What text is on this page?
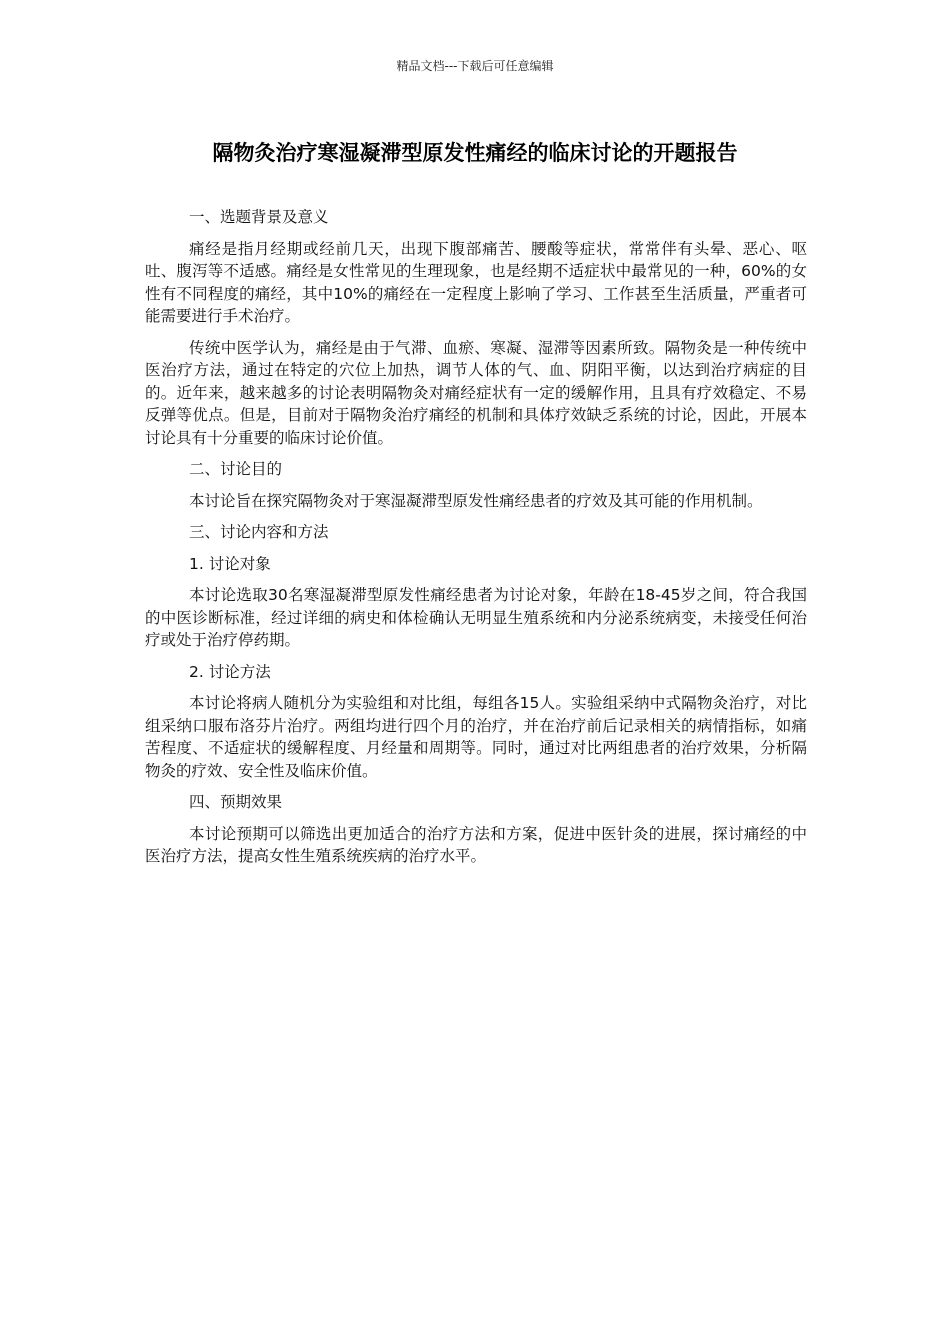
精品文档---下载后可任意编辑
隔物灸治疗寒湿凝滞型原发性痛经的临床讨论的开题报告

一、选题背景及意义

痛经是指月经期或经前几天，出现下腹部痛苦、腰酸等症状，常常伴有头晕、恶心、呕吐、腹泻等不适感。痛经是女性常见的生理现象，也是经期不适症状中最常见的一种，60%的女性有不同程度的痛经，其中10%的痛经在一定程度上影响了学习、工作甚至生活质量，严重者可能需要进行手术治疗。

传统中医学认为，痛经是由于气滞、血瘀、寒凝、湿滞等因素所致。隔物灸是一种传统中医治疗方法，通过在特定的穴位上加热，调节人体的气、血、阴阳平衡，以达到治疗病症的目的。近年来，越来越多的讨论表明隔物灸对痛经症状有一定的缓解作用，且具有疗效稳定、不易反弹等优点。但是，目前对于隔物灸治疗痛经的机制和具体疗效缺乏系统的讨论，因此，开展本讨论具有十分重要的临床讨论价值。

二、讨论目的

本讨论旨在探究隔物灸对于寒湿凝滞型原发性痛经患者的疗效及其可能的作用机制。

三、讨论内容和方法

1. 讨论对象

本讨论选取30名寒湿凝滞型原发性痛经患者为讨论对象，年龄在18-45岁之间，符合我国的中医诊断标准，经过详细的病史和体检确认无明显生殖系统和内分泌系统病变，未接受任何治疗或处于治疗停药期。

2. 讨论方法

本讨论将病人随机分为实验组和对比组，每组各15人。实验组采纳中式隔物灸治疗，对比组采纳口服布洛芬片治疗。两组均进行四个月的治疗，并在治疗前后记录相关的病情指标，如痛苦程度、不适症状的缓解程度、月经量和周期等。同时，通过对比两组患者的治疗效果，分析隔物灸的疗效、安全性及临床价值。

四、预期效果

本讨论预期可以筛选出更加适合的治疗方法和方案，促进中医针灸的进展，探讨痛经的中医治疗方法，提高女性生殖系统疾病的治疗水平。
